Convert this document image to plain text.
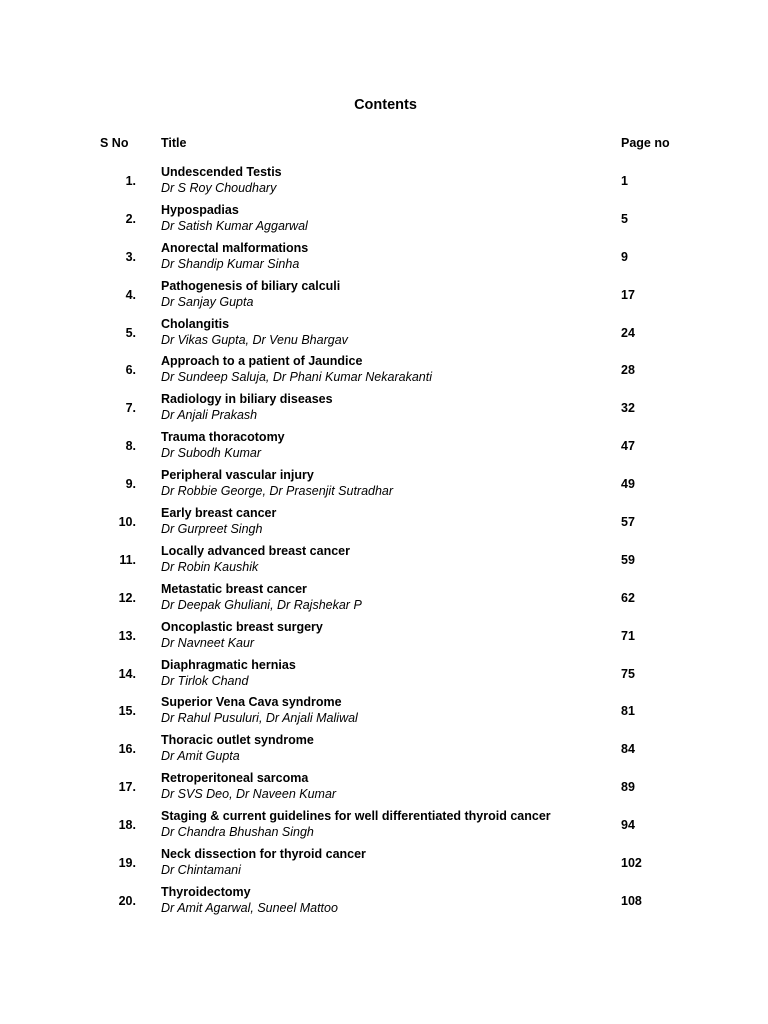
Contents
S No	Title	Page no
1.
Undescended Testis
Dr S Roy Choudhary	1
2.
Hypospadias
Dr Satish Kumar Aggarwal	5
3.
Anorectal malformations
Dr Shandip Kumar Sinha	9
4.
Pathogenesis of biliary calculi
Dr Sanjay Gupta	17
5.
Cholangitis
Dr Vikas Gupta, Dr Venu Bhargav	24
6.
Approach to a patient of Jaundice
Dr Sundeep Saluja, Dr Phani Kumar Nekarakanti	28
7.
Radiology in biliary diseases
Dr Anjali Prakash	32
8.
Trauma thoracotomy
Dr Subodh Kumar	47
9.
Peripheral vascular injury
Dr Robbie George, Dr Prasenjit Sutradhar	49
10.
Early breast cancer
Dr Gurpreet Singh	57
11.
Locally advanced breast cancer
Dr Robin Kaushik	59
12.
Metastatic breast cancer
Dr Deepak Ghuliani, Dr Rajshekar P	62
13.
Oncoplastic breast surgery
Dr Navneet Kaur	71
14.
Diaphragmatic hernias
Dr Tirlok Chand	75
15.
Superior Vena Cava syndrome
Dr Rahul Pusuluri, Dr Anjali Maliwal	81
16.
Thoracic outlet syndrome
Dr Amit Gupta	84
17.
Retroperitoneal sarcoma
Dr SVS Deo, Dr Naveen Kumar	89
18.
Staging & current guidelines for well differentiated thyroid cancer
Dr Chandra Bhushan Singh	94
19.
Neck dissection for thyroid cancer
Dr Chintamani	102
20.
Thyroidectomy
Dr Amit Agarwal, Suneel Mattoo	108
